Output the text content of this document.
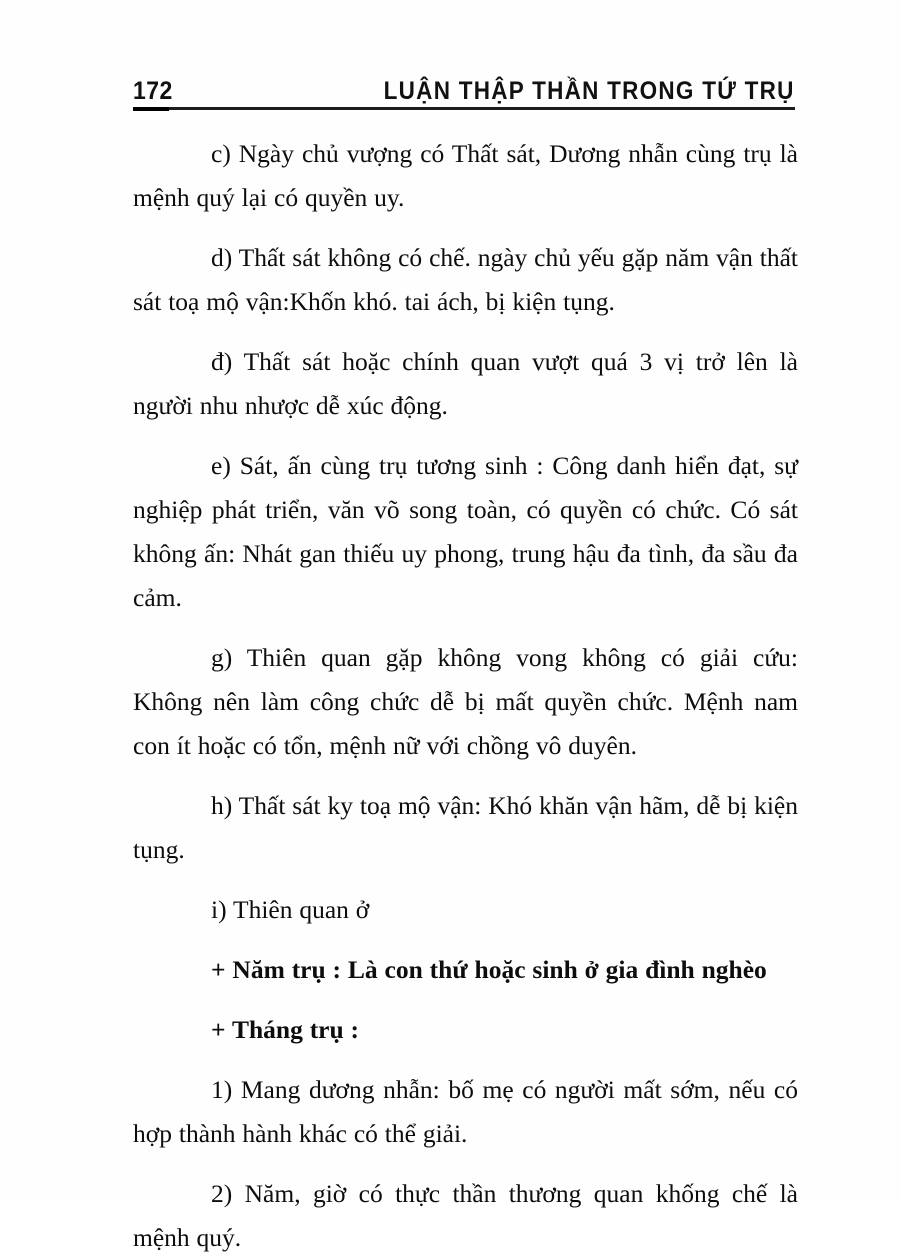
172	LUẬN THẬP THẦN TRONG TỨ TRỤ

c) Ngày chủ vượng có Thất sát, Dương nhẫn cùng trụ là mệnh quý lại có quyền uy.

d) Thất sát không có chế. ngày chủ yếu gặp năm vận thất sát toạ mộ vận:Khốn khó. tai ách, bị kiện tụng.

đ) Thất sát hoặc chính quan vượt quá 3 vị trở lên là người nhu nhược dễ xúc động.

e) Sát, ấn cùng trụ tương sinh : Công danh hiển đạt, sự nghiệp phát triển, văn võ song toàn, có quyền có chức. Có sát không ấn: Nhát gan thiếu uy phong, trung hậu đa tình, đa sầu đa cảm.

g) Thiên quan gặp không vong không có giải cứu: Không nên làm công chức dễ bị mất quyền chức. Mệnh nam con ít hoặc có tổn, mệnh nữ với chồng vô duyên.

h) Thất sát ky toạ mộ vận: Khó khăn vận hãm, dễ bị kiện tụng.

i) Thiên quan ở

+ Năm trụ : Là con thứ hoặc sinh ở gia đình nghèo

+ Tháng trụ :

1) Mang dương nhẫn: bố mẹ có người mất sớm, nếu có hợp thành hành khác có thể giải.

2) Năm, giờ có thực thần thương quan khống chế là mệnh quý.
